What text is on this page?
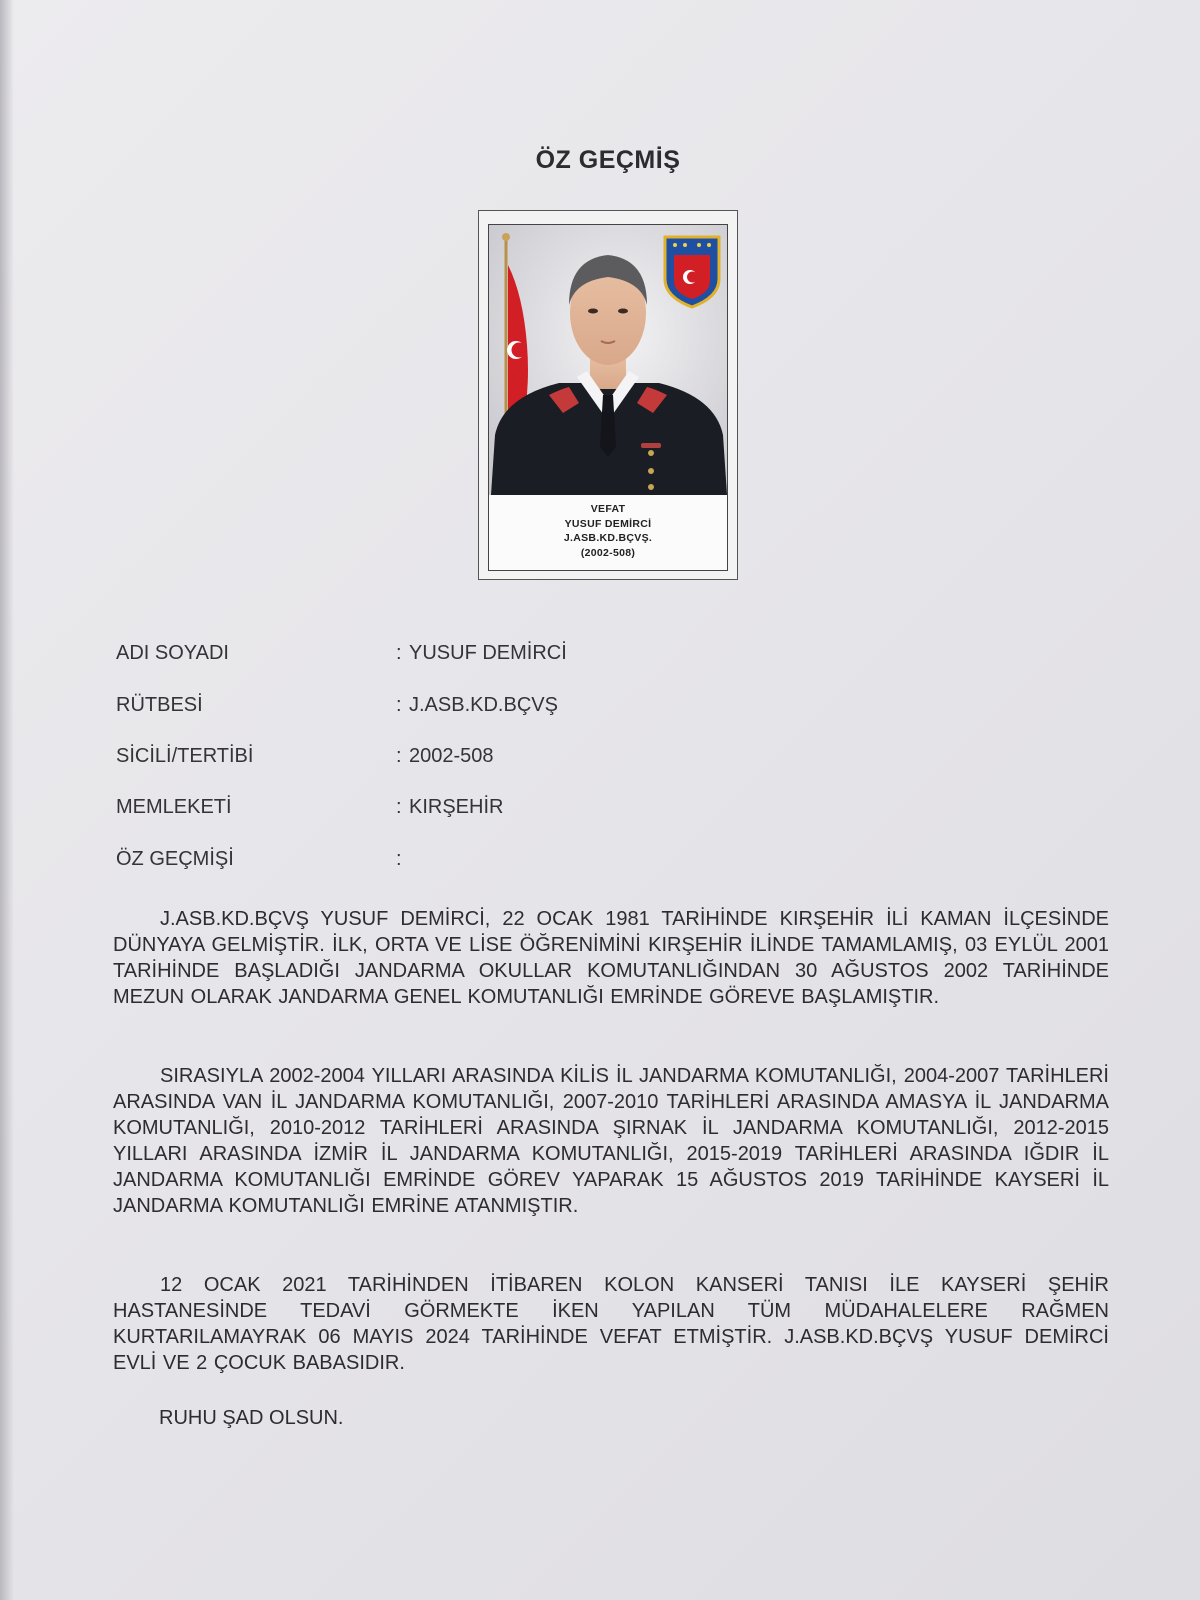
ÖZ GEÇMİŞ
VEFAT
YUSUF DEMİRCİ
J.ASB.KD.BÇVŞ.
(2002-508)
ADI SOYADI	: YUSUF DEMİRCİ
RÜTBESİ	: J.ASB.KD.BÇVŞ
SİCİLİ/TERTİBİ	: 2002-508
MEMLEKETİ	: KIRŞEHİR
ÖZ GEÇMİŞİ	:
J.ASB.KD.BÇVŞ YUSUF DEMİRCİ, 22 OCAK 1981 TARİHİNDE KIRŞEHİR İLİ KAMAN İLÇESİNDE DÜNYAYA GELMİŞTİR. İLK, ORTA VE LİSE ÖĞRENİMİNİ KIRŞEHİR İLİNDE TAMAMLAMIŞ, 03 EYLÜL 2001 TARİHİNDE BAŞLADIĞI JANDARMA OKULLAR KOMUTANLIĞINDAN 30 AĞUSTOS 2002 TARİHİNDE MEZUN OLARAK JANDARMA GENEL KOMUTANLIĞI EMRİNDE GÖREVE BAŞLAMIŞTIR.
SIRASIYLA 2002-2004 YILLARI ARASINDA KİLİS İL JANDARMA KOMUTANLIĞI, 2004-2007 TARİHLERİ ARASINDA VAN İL JANDARMA KOMUTANLIĞI, 2007-2010 TARİHLERİ ARASINDA AMASYA İL JANDARMA KOMUTANLIĞI, 2010-2012 TARİHLERİ ARASINDA ŞIRNAK İL JANDARMA KOMUTANLIĞI, 2012-2015 YILLARI ARASINDA İZMİR İL JANDARMA KOMUTANLIĞI, 2015-2019 TARİHLERİ ARASINDA IĞDIR İL JANDARMA KOMUTANLIĞI EMRİNDE GÖREV YAPARAK 15 AĞUSTOS 2019 TARİHİNDE KAYSERİ İL JANDARMA KOMUTANLIĞI EMRİNE ATANMIŞTIR.
12 OCAK 2021 TARİHİNDEN İTİBAREN KOLON KANSERİ TANISI İLE KAYSERİ ŞEHİR HASTANESİNDE TEDAVİ GÖRMEKTE İKEN YAPILAN TÜM MÜDAHALELERE RAĞMEN KURTARILAMAYRAK 06 MAYIS 2024 TARİHİNDE VEFAT ETMİŞTİR. J.ASB.KD.BÇVŞ YUSUF DEMİRCİ EVLİ VE 2 ÇOCUK BABASIDIR.
RUHU ŞAD OLSUN.
